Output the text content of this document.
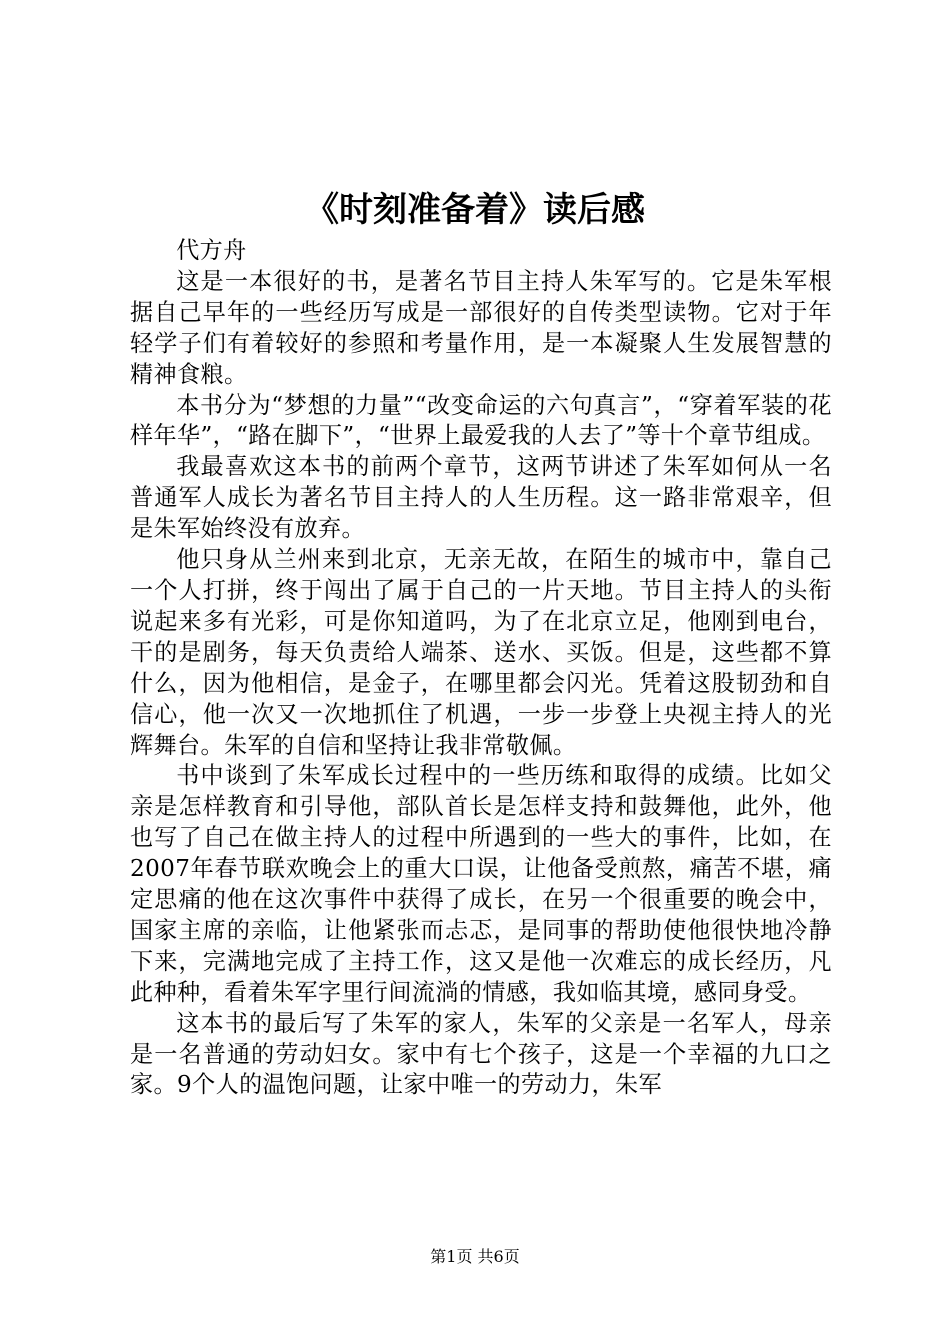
《时刻准备着》读后感

代方舟

这是一本很好的书，是著名节目主持人朱军写的。它是朱军根据自己早年的一些经历写成是一部很好的自传类型读物。它对于年轻学子们有着较好的参照和考量作用，是一本凝聚人生发展智慧的精神食粮。

本书分为“梦想的力量”“改变命运的六句真言”，“穿着军装的花样年华”，“路在脚下”，“世界上最爱我的人去了”等十个章节组成。

我最喜欢这本书的前两个章节，这两节讲述了朱军如何从一名普通军人成长为著名节目主持人的人生历程。这一路非常艰辛，但是朱军始终没有放弃。

他只身从兰州来到北京，无亲无故，在陌生的城市中，靠自己一个人打拼，终于闯出了属于自己的一片天地。节目主持人的头衔说起来多有光彩，可是你知道吗，为了在北京立足，他刚到电台，干的是剧务，每天负责给人端茶、送水、买饭。但是，这些都不算什么，因为他相信，是金子，在哪里都会闪光。凭着这股韧劲和自信心，他一次又一次地抓住了机遇，一步一步登上央视主持人的光辉舞台。朱军的自信和坚持让我非常敬佩。

书中谈到了朱军成长过程中的一些历练和取得的成绩。比如父亲是怎样教育和引导他，部队首长是怎样支持和鼓舞他，此外，他也写了自己在做主持人的过程中所遇到的一些大的事件，比如，在2007年春节联欢晚会上的重大口误，让他备受煎熬，痛苦不堪，痛定思痛的他在这次事件中获得了成长，在另一个很重要的晚会中，国家主席的亲临，让他紧张而忐忑，是同事的帮助使他很快地冷静下来，完满地完成了主持工作，这又是他一次难忘的成长经历，凡此种种，看着朱军字里行间流淌的情感，我如临其境，感同身受。

这本书的最后写了朱军的家人，朱军的父亲是一名军人，母亲是一名普通的劳动妇女。家中有七个孩子，这是一个幸福的九口之家。9个人的温饱问题，让家中唯一的劳动力，朱军

第1页 共6页
